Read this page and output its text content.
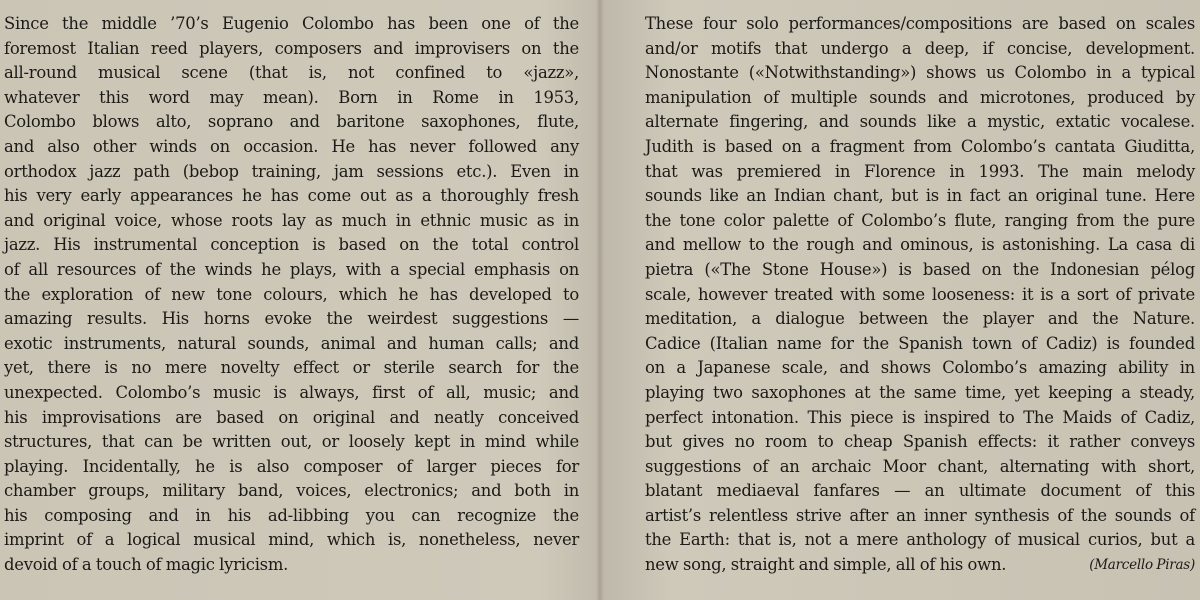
Since the middle ’70’s Eugenio Colombo has been one of the
foremost Italian reed players, composers and improvisers on the
all-round musical scene (that is, not confined to «jazz»,
whatever this word may mean). Born in Rome in 1953,
Colombo blows alto, soprano and baritone saxophones, flute,
and also other winds on occasion. He has never followed any
orthodox jazz path (bebop training, jam sessions etc.). Even in
his very early appearances he has come out as a thoroughly fresh
and original voice, whose roots lay as much in ethnic music as in
jazz. His instrumental conception is based on the total control
of all resources of the winds he plays, with a special emphasis on
the exploration of new tone colours, which he has developed to
amazing results. His horns evoke the weirdest suggestions —
exotic instruments, natural sounds, animal and human calls; and
yet, there is no mere novelty effect or sterile search for the
unexpected. Colombo’s music is always, first of all, music; and
his improvisations are based on original and neatly conceived
structures, that can be written out, or loosely kept in mind while
playing. Incidentally, he is also composer of larger pieces for
chamber groups, military band, voices, electronics; and both in
his composing and in his ad-libbing you can recognize the
imprint of a logical musical mind, which is, nonetheless, never
devoid of a touch of magic lyricism.
These four solo performances/compositions are based on scales
and/or motifs that undergo a deep, if concise, development.
Nonostante («Notwithstanding») shows us Colombo in a typical
manipulation of multiple sounds and microtones, produced by
alternate fingering, and sounds like a mystic, extatic vocalese.
Judith is based on a fragment from Colombo’s cantata Giuditta,
that was premiered in Florence in 1993. The main melody
sounds like an Indian chant, but is in fact an original tune. Here
the tone color palette of Colombo’s flute, ranging from the pure
and mellow to the rough and ominous, is astonishing. La casa di
pietra («The Stone House») is based on the Indonesian pélog
scale, however treated with some looseness: it is a sort of private
meditation, a dialogue between the player and the Nature.
Cadice (Italian name for the Spanish town of Cadiz) is founded
on a Japanese scale, and shows Colombo’s amazing ability in
playing two saxophones at the same time, yet keeping a steady,
perfect intonation. This piece is inspired to The Maids of Cadiz,
but gives no room to cheap Spanish effects: it rather conveys
suggestions of an archaic Moor chant, alternating with short,
blatant mediaeval fanfares — an ultimate document of this
artist’s relentless strive after an inner synthesis of the sounds of
the Earth: that is, not a mere anthology of musical curios, but a
new song, straight and simple, all of his own.	(Marcello Piras)
